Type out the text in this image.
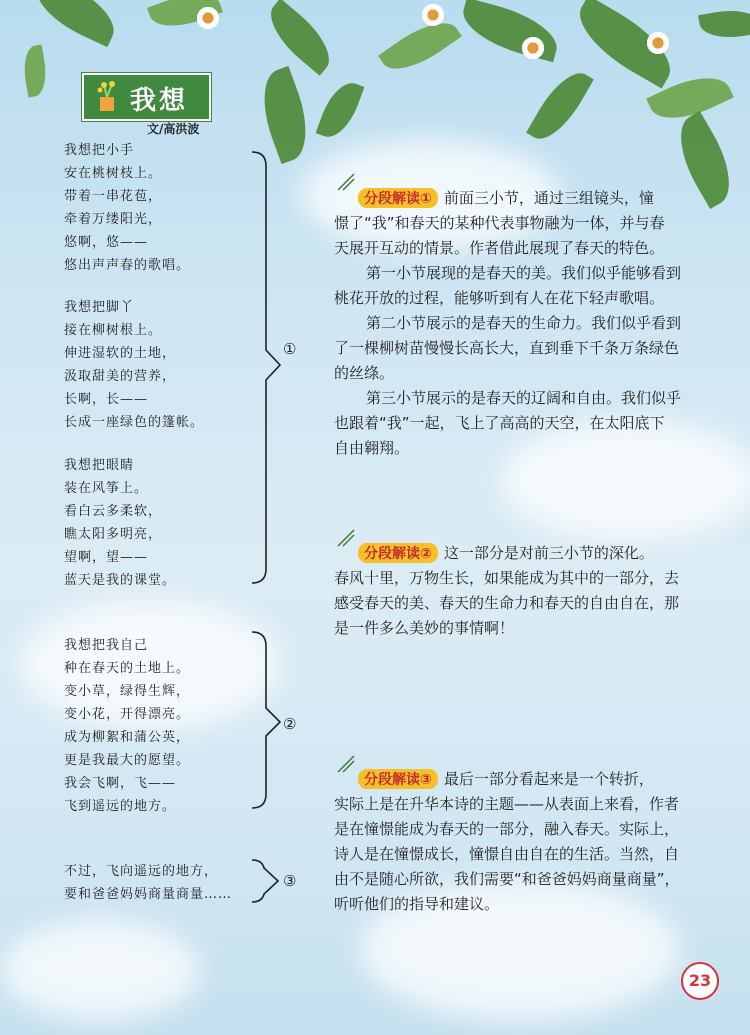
我想
文/高洪波
我想把小手
安在桃树枝上。
带着一串花苞，
牵着万缕阳光，
悠啊，悠——
悠出声声春的歌唱。
我想把脚丫
接在柳树根上。
伸进湿软的土地，
汲取甜美的营养，
长啊，长——
长成一座绿色的篷帐。
我想把眼睛
装在风筝上。
看白云多柔软，
瞧太阳多明亮，
望啊，望——
蓝天是我的课堂。
我想把我自己
种在春天的土地上。
变小草，绿得生辉，
变小花，开得漂亮。
成为柳絮和蒲公英，
更是我最大的愿望。
我会飞啊，飞——
飞到遥远的地方。
不过，飞向遥远的地方，
要和爸爸妈妈商量商量……
①
②
③
分段解读① 前面三小节，通过三组镜头，憧
憬了“我”和春天的某种代表事物融为一体，并与春
天展开互动的情景。作者借此展现了春天的特色。
第一小节展现的是春天的美。我们似乎能够看到
桃花开放的过程，能够听到有人在花下轻声歌唱。
第二小节展示的是春天的生命力。我们似乎看到
了一棵柳树苗慢慢长高长大，直到垂下千条万条绿色
的丝绦。
第三小节展示的是春天的辽阔和自由。我们似乎
也跟着“我”一起，飞上了高高的天空，在太阳底下
自由翱翔。
分段解读② 这一部分是对前三小节的深化。
春风十里，万物生长，如果能成为其中的一部分，去
感受春天的美、春天的生命力和春天的自由自在，那
是一件多么美妙的事情啊！
分段解读③ 最后一部分看起来是一个转折，
实际上是在升华本诗的主题——从表面上来看，作者
是在憧憬能成为春天的一部分，融入春天。实际上，
诗人是在憧憬成长，憧憬自由自在的生活。当然，自
由不是随心所欲，我们需要“和爸爸妈妈商量商量”，
听听他们的指导和建议。
23
